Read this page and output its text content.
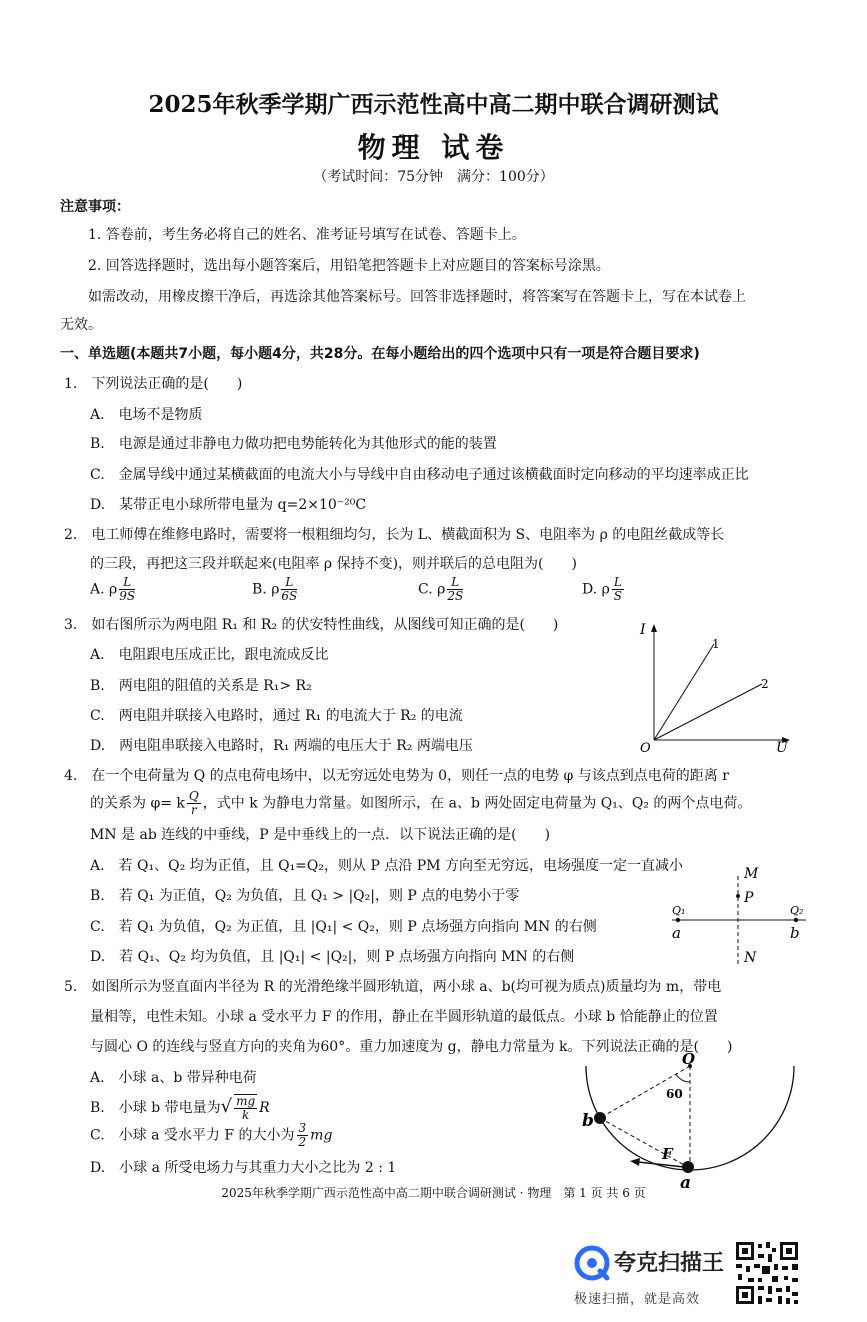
2025年秋季学期广西示范性高中高二期中联合调研测试
物理 试卷
（考试时间：75分钟　满分：100分）
注意事项：
1. 答卷前，考生务必将自己的姓名、准考证号填写在试卷、答题卡上。
2. 回答选择题时，选出每小题答案后，用铅笔把答题卡上对应题目的答案标号涂黑。
如需改动，用橡皮擦干净后，再选涂其他答案标号。回答非选择题时，将答案写在答题卡上，写在本试卷上
无效。
一、单选题(本题共7小题，每小题4分，共28分。在每小题给出的四个选项中只有一项是符合题目要求)
1.　下列说法正确的是(　　)
A.　电场不是物质
B.　电源是通过非静电力做功把电势能转化为其他形式的能的装置
C.　金属导线中通过某横截面的电流大小与导线中自由移动电子通过该横截面时定向移动的平均速率成正比
D.　某带正电小球所带电量为 q=2×10⁻²⁰C
2.　电工师傅在维修电路时，需要将一根粗细均匀，长为 L、横截面积为 S、电阻率为 ρ 的电阻丝截成等长
的三段，再把这三段并联起来(电阻率 ρ 保持不变)，则并联后的总电阻为(　　)
A. ρ $\frac{L}{9S}$	B. ρ $\frac{L}{6S}$	C. ρ $\frac{L}{2S}$	D. ρ $\frac{L}{S}$
3.　如右图所示为两电阻 R₁ 和 R₂ 的伏安特性曲线，从图线可知正确的是(　　)
A.　电阻跟电压成正比，跟电流成反比
B.　两电阻的阻值的关系是 R₁> R₂
C.　两电阻并联接入电路时，通过 R₁ 的电流大于 R₂ 的电流
D.　两电阻串联接入电路时，R₁ 两端的电压大于 R₂ 两端电压
I
U
O
1
2
4.　在一个电荷量为 Q 的点电荷电场中，以无穷远处电势为 0，则任一点的电势 φ 与该点到点电荷的距离 r
的关系为 φ= k $\frac{Q}{r}$ ，式中 k 为静电力常量。如图所示，在 a、b 两处固定电荷量为 Q₁、Q₂ 的两个点电荷。
MN 是 ab 连线的中垂线，P 是中垂线上的一点．以下说法正确的是(　　)
A.　若 Q₁、Q₂ 均为正值，且 Q₁=Q₂，则从 P 点沿 PM 方向至无穷远，电场强度一定一直减小
B.　若 Q₁ 为正值，Q₂ 为负值，且 Q₁ > |Q₂|，则 P 点的电势小于零
C.　若 Q₁ 为负值，Q₂ 为正值，且 |Q₁| < Q₂，则 P 点场强方向指向 MN 的右侧
D.　若 Q₁、Q₂ 均为负值，且 |Q₁| < |Q₂|，则 P 点场强方向指向 MN 的右侧
M
P
N
a	b
Q₁	Q₂
5.　如图所示为竖直面内半径为 R 的光滑绝缘半圆形轨道，两小球 a、b(均可视为质点)质量均为 m，带电
量相等，电性未知。小球 a 受水平力 F 的作用，静止在半圆形轨道的最低点。小球 b 恰能静止的位置
与圆心 O 的连线与竖直方向的夹角为60°。重力加速度为 g，静电力常量为 k。下列说法正确的是(　　)
A.　小球 a、b 带异种电荷
B.　小球 b 带电量为√ $\frac{mg}{k}$ R
C.　小球 a 受水平力 F 的大小为 $\frac{3}{2}$ mg
D.　小球 a 所受电场力与其重力大小之比为 2 : 1
O
60
b
F
a
2025年秋季学期广西示范性高中高二期中联合调研测试 · 物理　第 1 页 共 6 页
夸克扫描王
极速扫描，就是高效
